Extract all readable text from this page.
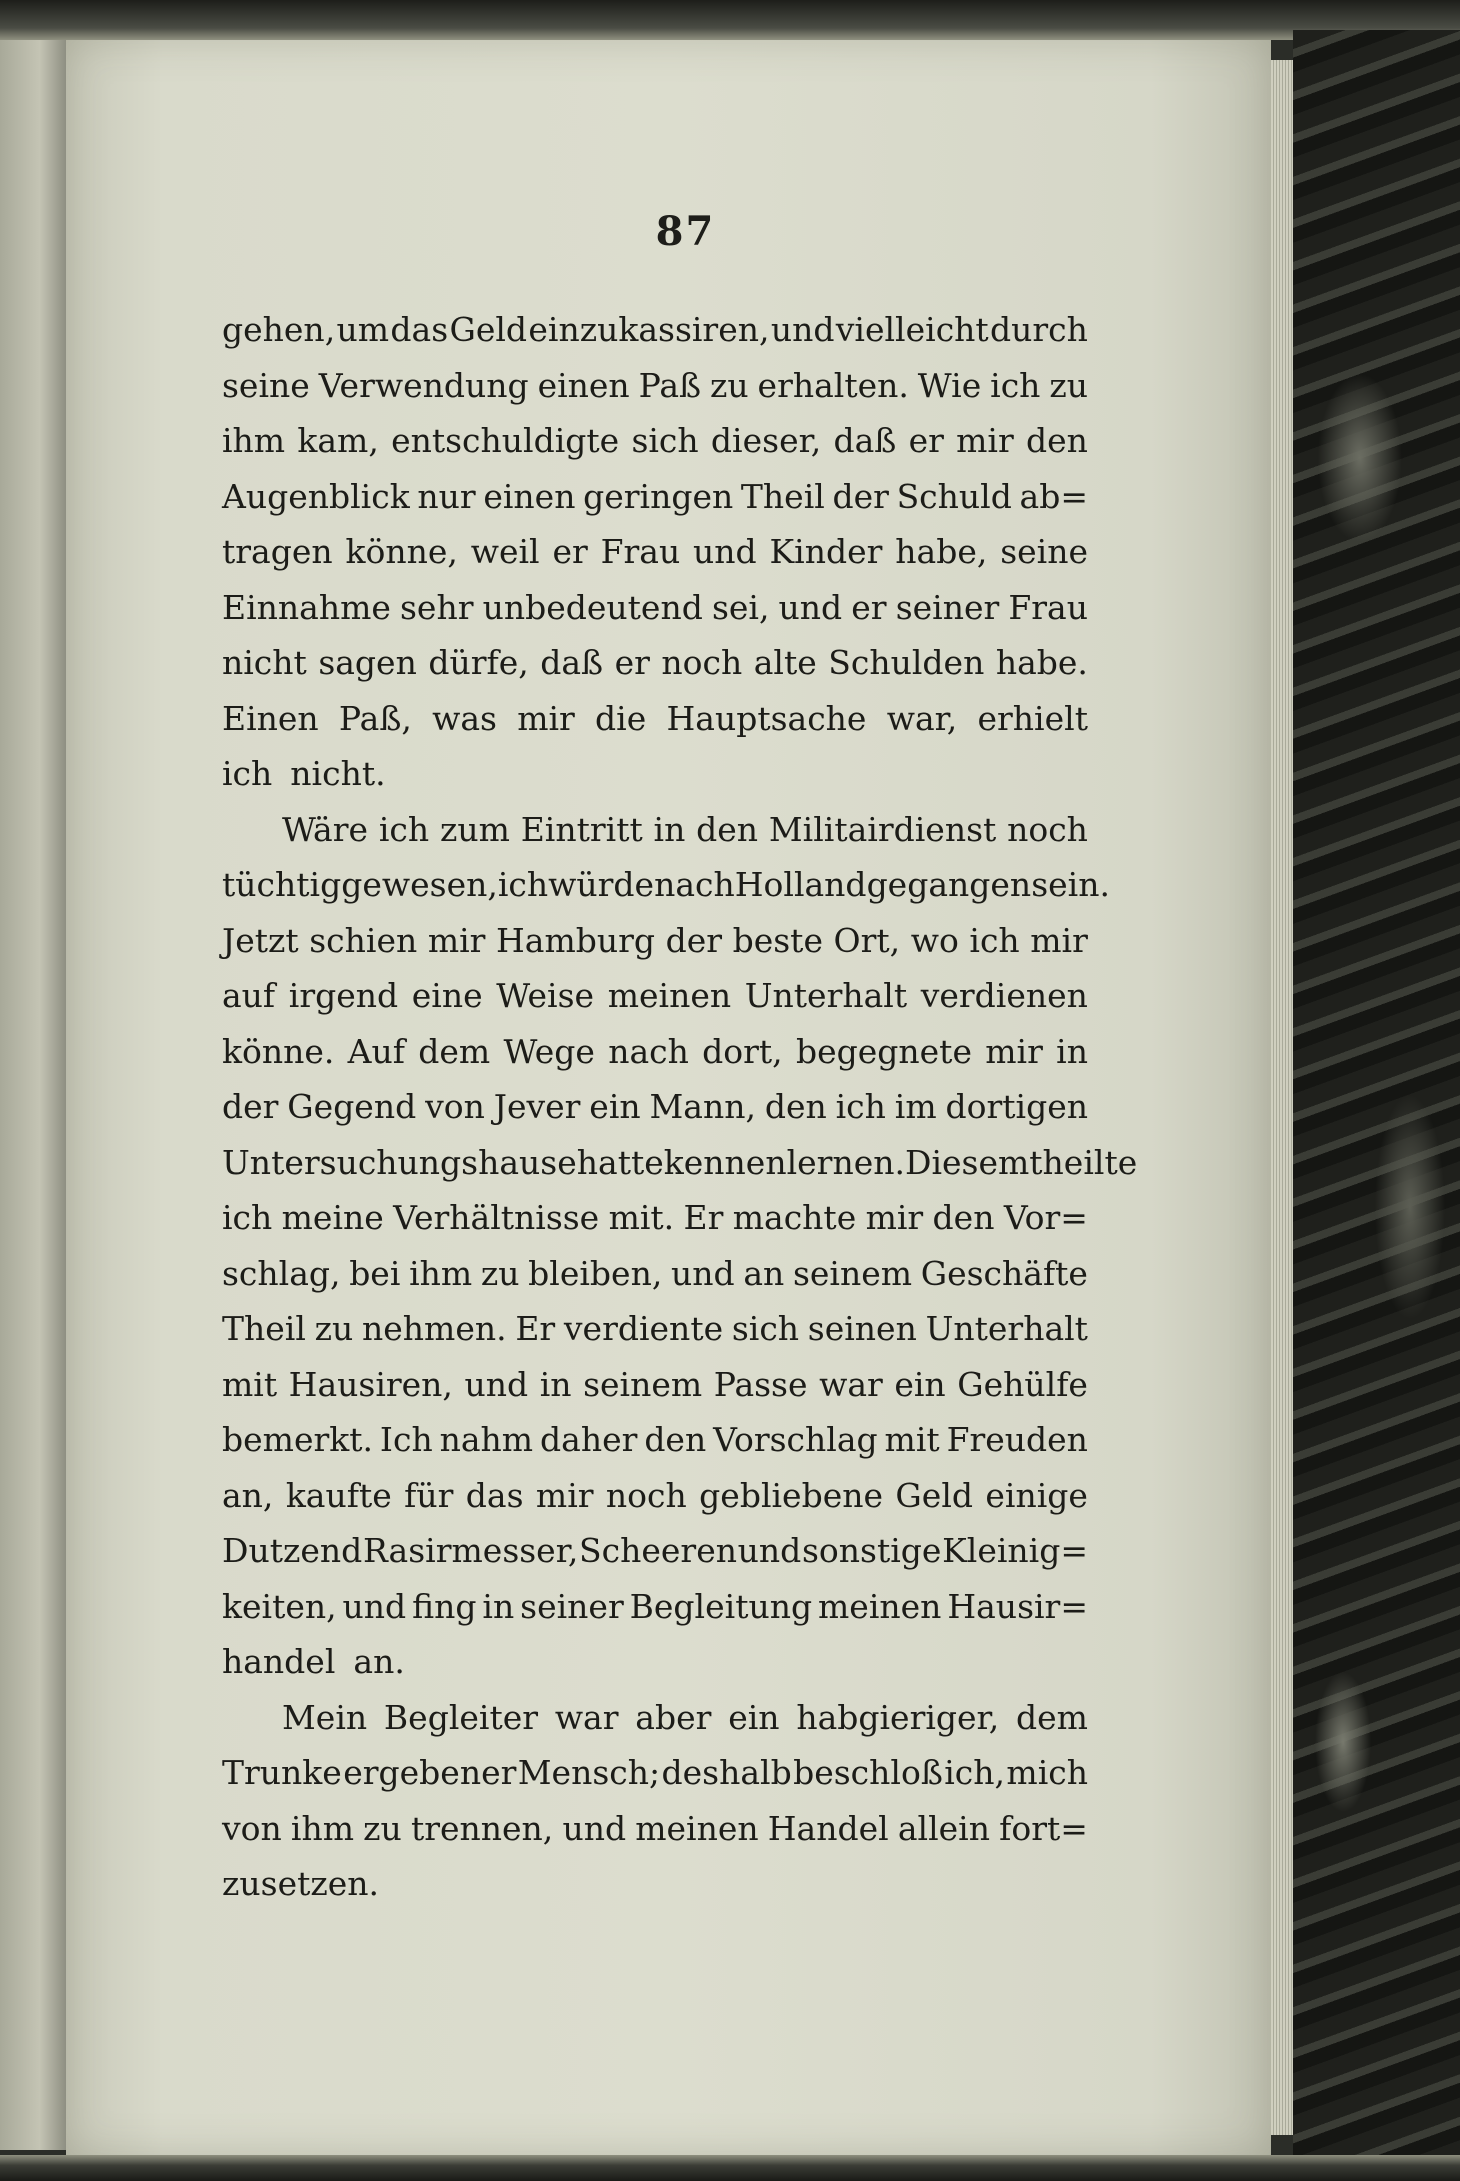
87
gehen, um das Geld einzukassiren, und vielleicht durch
seine Verwendung einen Paß zu erhalten. Wie ich zu
ihm kam, entschuldigte sich dieser, daß er mir den
Augenblick nur einen geringen Theil der Schuld ab=
tragen könne, weil er Frau und Kinder habe, seine
Einnahme sehr unbedeutend sei, und er seiner Frau
nicht sagen dürfe, daß er noch alte Schulden habe.
Einen Paß, was mir die Hauptsache war, erhielt
ich nicht.
Wäre ich zum Eintritt in den Militairdienst noch
tüchtig gewesen, ich würde nach Holland gegangen sein.
Jetzt schien mir Hamburg der beste Ort, wo ich mir
auf irgend eine Weise meinen Unterhalt verdienen
könne. Auf dem Wege nach dort, begegnete mir in
der Gegend von Jever ein Mann, den ich im dortigen
Untersuchungshause hatte kennen lernen. Diesem theilte
ich meine Verhältnisse mit. Er machte mir den Vor=
schlag, bei ihm zu bleiben, und an seinem Geschäfte
Theil zu nehmen. Er verdiente sich seinen Unterhalt
mit Hausiren, und in seinem Passe war ein Gehülfe
bemerkt. Ich nahm daher den Vorschlag mit Freuden
an, kaufte für das mir noch gebliebene Geld einige
Dutzend Rasirmesser, Scheeren und sonstige Kleinig=
keiten, und fing in seiner Begleitung meinen Hausir=
handel an.
Mein Begleiter war aber ein habgieriger, dem
Trunke ergebener Mensch; deshalb beschloß ich, mich
von ihm zu trennen, und meinen Handel allein fort=
zusetzen.
